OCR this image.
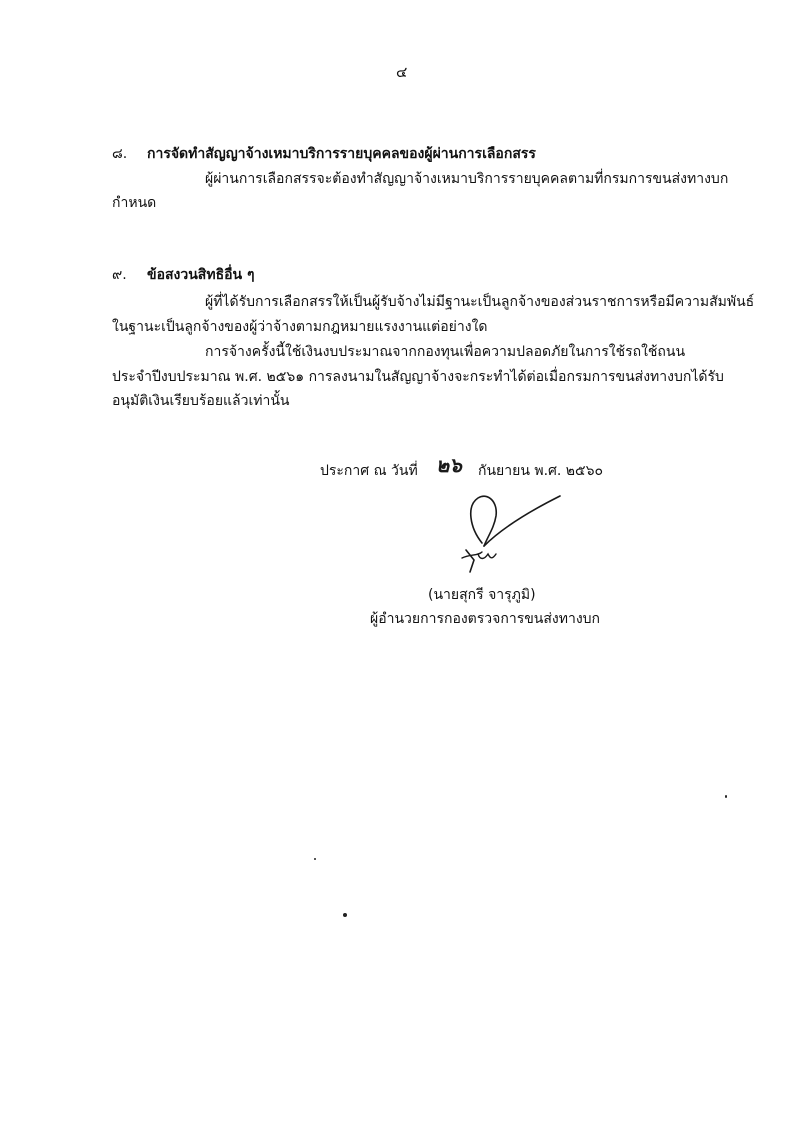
๔
๘. การจัดทำสัญญาจ้างเหมาบริการรายบุคคลของผู้ผ่านการเลือกสรร
ผู้ผ่านการเลือกสรรจะต้องทำสัญญาจ้างเหมาบริการรายบุคคลตามที่กรมการขนส่งทางบก
กำหนด
๙. ข้อสงวนสิทธิอื่น ๆ
ผู้ที่ได้รับการเลือกสรรให้เป็นผู้รับจ้างไม่มีฐานะเป็นลูกจ้างของส่วนราชการหรือมีความสัมพันธ์
ในฐานะเป็นลูกจ้างของผู้ว่าจ้างตามกฎหมายแรงงานแต่อย่างใด
การจ้างครั้งนี้ใช้เงินงบประมาณจากกองทุนเพื่อความปลอดภัยในการใช้รถใช้ถนน
ประจำปีงบประมาณ พ.ศ. ๒๕๖๑ การลงนามในสัญญาจ้างจะกระทำได้ต่อเมื่อกรมการขนส่งทางบกได้รับ
อนุมัติเงินเรียบร้อยแล้วเท่านั้น
ประกาศ ณ วันที่ ๒๖ กันยายน พ.ศ. ๒๕๖๐
(นายสุกรี จารุภูมิ)
ผู้อำนวยการกองตรวจการขนส่งทางบก
